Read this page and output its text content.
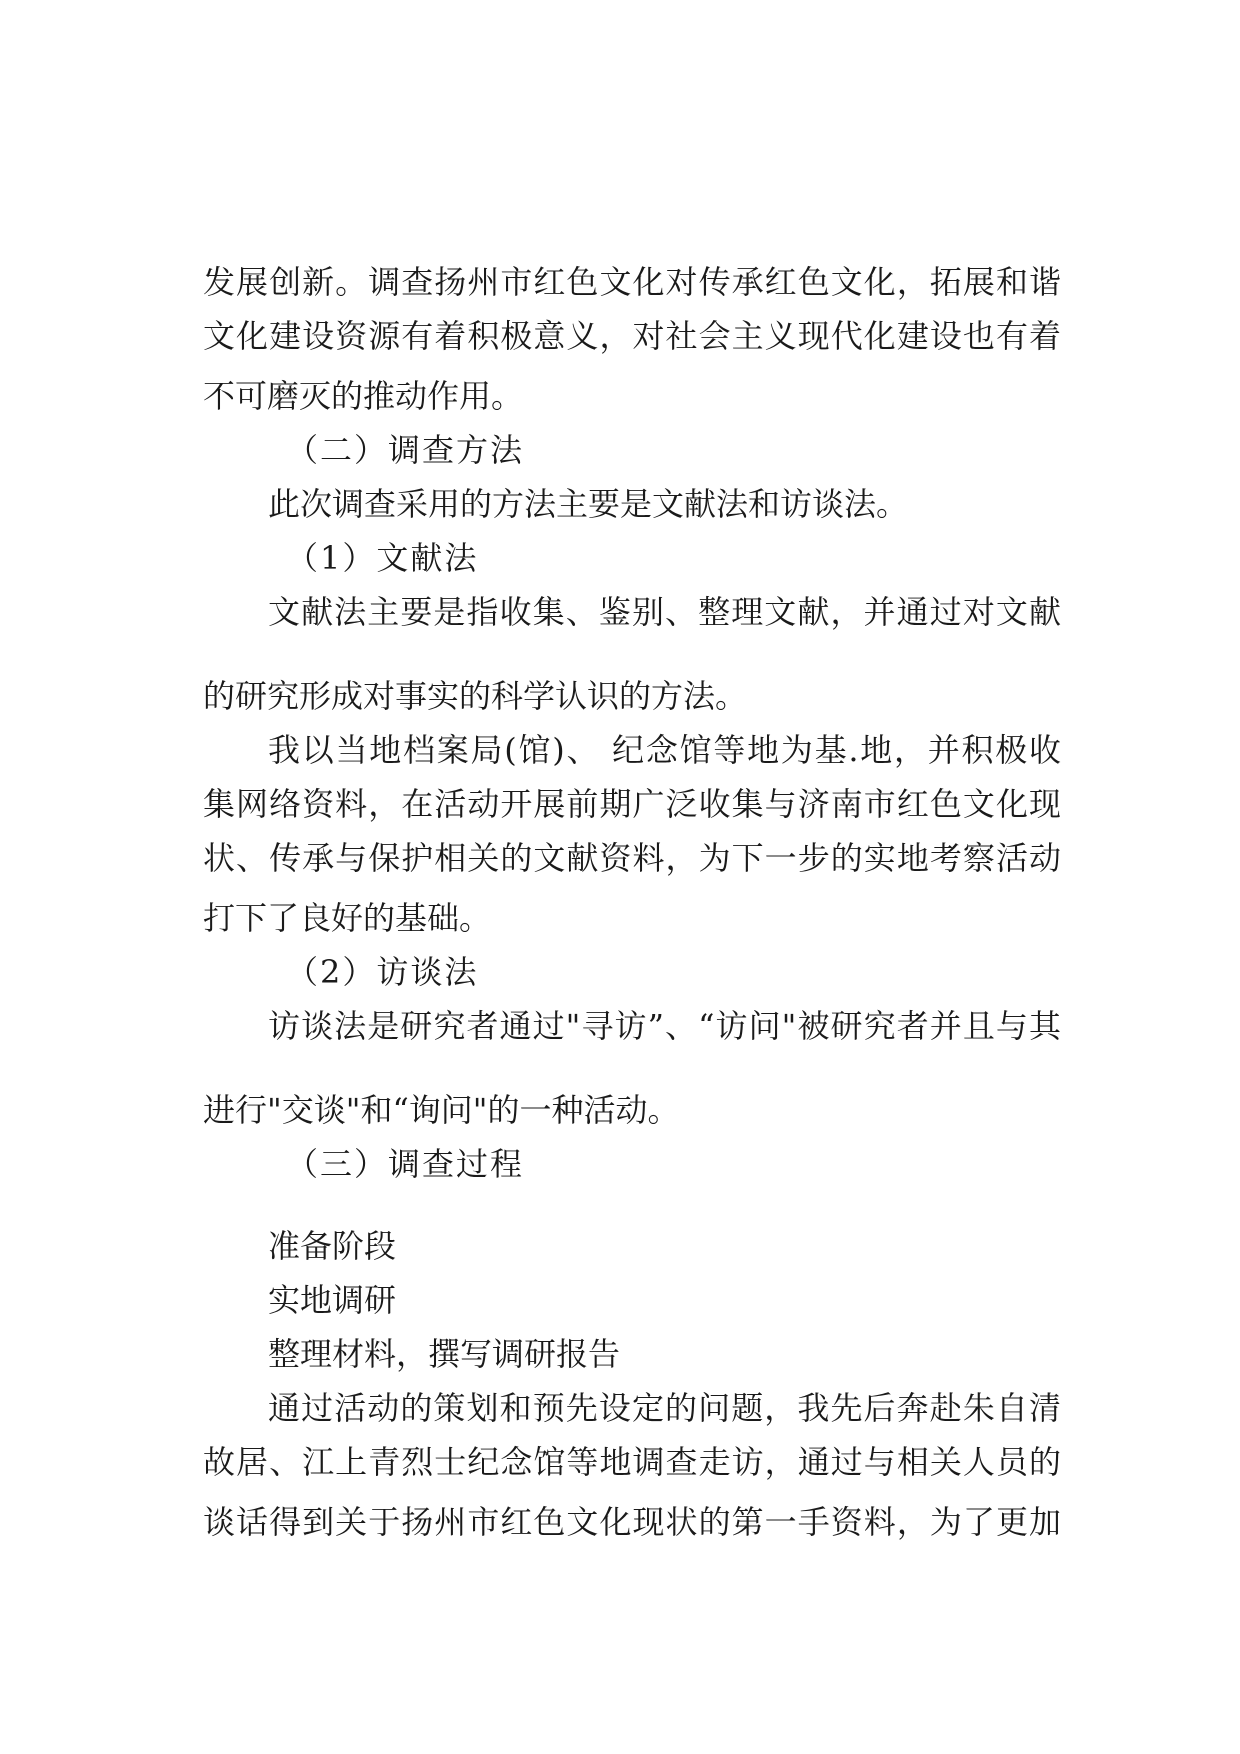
发展创新。调查扬州市红色文化对传承红色文化，拓展和谐
文化建设资源有着积极意义，对社会主义现代化建设也有着
不可磨灭的推动作用。
（二）调查方法
此次调查采用的方法主要是文献法和访谈法。
（1）文献法
文献法主要是指收集、鉴别、整理文献，并通过对文献
的研究形成对事实的科学认识的方法。
我以当地档案局(馆)、 纪念馆等地为基.地，并积极收
集网络资料，在活动开展前期广泛收集与济南市红色文化现
状、传承与保护相关的文献资料，为下一步的实地考察活动
打下了良好的基础。
（2）访谈法
访谈法是研究者通过"寻访”、“访问"被研究者并且与其
进行"交谈"和“询问"的一种活动。
（三）调查过程
准备阶段
实地调研
整理材料，撰写调研报告
通过活动的策划和预先设定的问题，我先后奔赴朱自清
故居、江上青烈士纪念馆等地调查走访，通过与相关人员的
谈话得到关于扬州市红色文化现状的第一手资料，为了更加
